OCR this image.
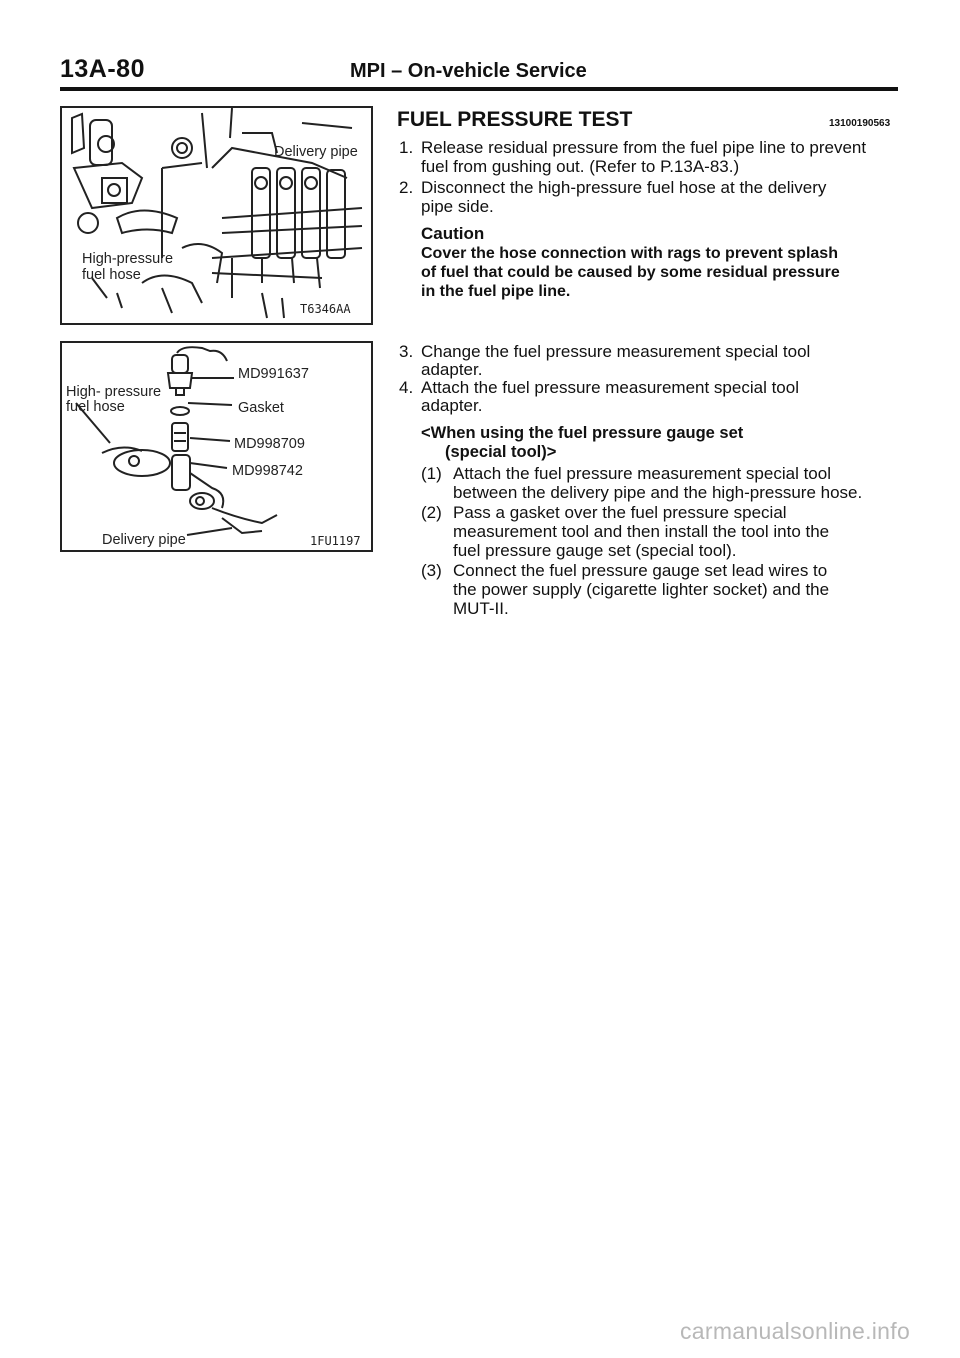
13A-80	MPI – On-vehicle Service
Delivery pipe
High-pressure
fuel hose
T6346AA
MD991637
High- pressure
fuel hose	Gasket
MD998709
MD998742
Delivery pipe	1FU1197
FUEL PRESSURE TEST	13100190563
1. Release residual pressure from the fuel pipe line to prevent
fuel from gushing out. (Refer to P.13A-83.)
2. Disconnect the high-pressure fuel hose at the delivery
pipe side.
Caution
Cover the hose connection with rags to prevent splash
of fuel that could be caused by some residual pressure
in the fuel pipe line.
3. Change the fuel pressure measurement special tool
adapter.
4. Attach the fuel pressure measurement special tool
adapter.
<When using the fuel pressure gauge set
(special tool)>
(1) Attach the fuel pressure measurement special tool
between the delivery pipe and the high-pressure hose.
(2) Pass a gasket over the fuel pressure special
measurement tool and then install the tool into the
fuel pressure gauge set (special tool).
(3) Connect the fuel pressure gauge set lead wires to
the power supply (cigarette lighter socket) and the
MUT-II.
carmanualsonline.info
